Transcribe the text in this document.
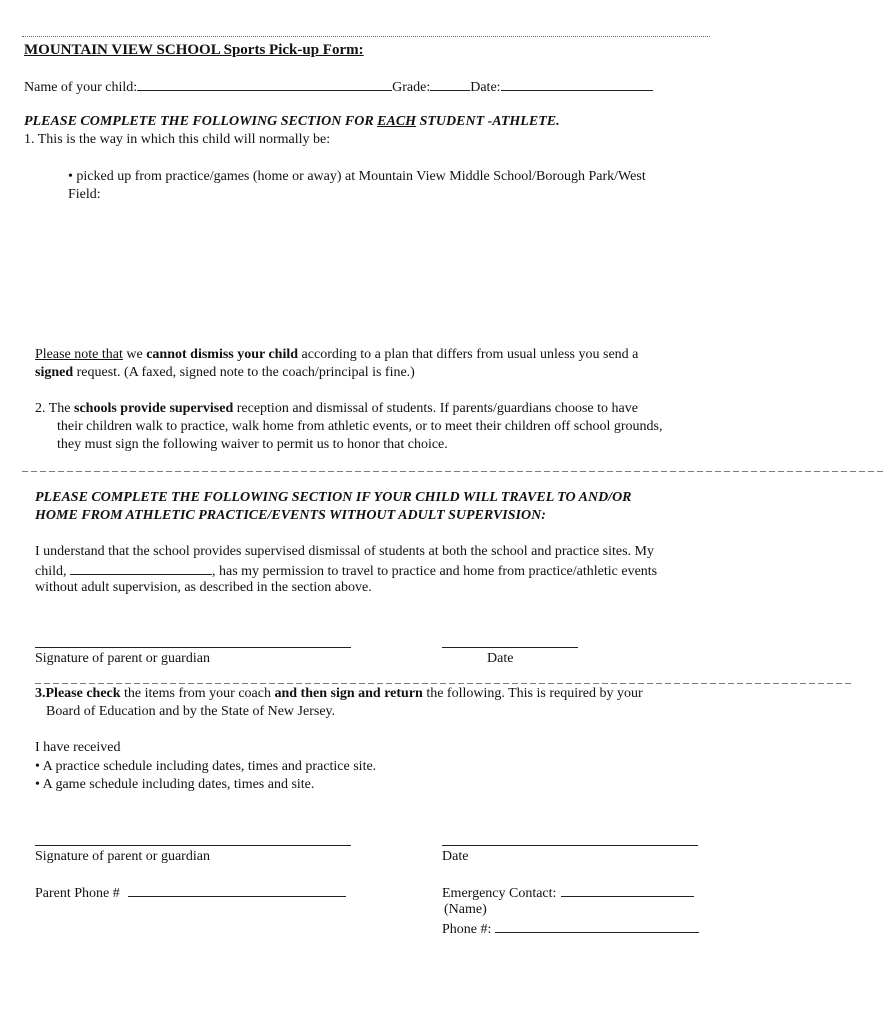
MOUNTAIN VIEW SCHOOL Sports Pick-up Form:
Name of your child:	Grade:	Date:
PLEASE COMPLETE THE FOLLOWING SECTION FOR EACH STUDENT -ATHLETE.
1. This is the way in which this child will normally be:
• picked up from practice/games (home or away) at Mountain View Middle School/Borough Park/West
Field:
Please note that we cannot dismiss your child according to a plan that differs from usual unless you send a
signed request. (A faxed, signed note to the coach/principal is fine.)
2. The schools provide supervised reception and dismissal of students. If parents/guardians choose to have
their children walk to practice, walk home from athletic events, or to meet their children off school grounds,
they must sign the following waiver to permit us to honor that choice.
_ _ _ _ _ _ _ _ _ _ _ _ _ _ _ _ _ _ _ _ _ _ _ _ _ _ _ _ _ _ _ _ _ _ _ _ _ _ _ _ _ _ _ _ _ _ _ _ _ _ _ _ _ _ _ _ _ _ _ _ _ _ _ _ _ _ _ _ _ _ _ _ _ _ _ _ _ _ _ _ _ _ _ _ _ _ _ _ _ _ _ _ _ _ _ _
PLEASE COMPLETE THE FOLLOWING SECTION IF YOUR CHILD WILL TRAVEL TO AND/OR
HOME FROM ATHLETIC PRACTICE/EVENTS WITHOUT ADULT SUPERVISION:
I understand that the school provides supervised dismissal of students at both the school and practice sites. My
child,	, has my permission to travel to practice and home from practice/athletic events
without adult supervision, as described in the section above.
Signature of parent or guardian	Date
_ _ _ _ _ _ _ _ _ _ _ _ _ _ _ _ _ _ _ _ _ _ _ _ _ _ _ _ _ _ _ _ _ _ _ _ _ _ _ _ _ _ _ _ _ _ _ _ _ _ _ _ _ _ _ _ _ _ _ _ _ _ _ _ _ _ _ _ _ _ _ _ _ _ _ _ _ _ _ _ _ _ _ _ _ _ _ _ _ _ _
3.Please check the items from your coach and then sign and return the following. This is required by your
Board of Education and by the State of New Jersey.
I have received
• A practice schedule including dates, times and practice site.
• A game schedule including dates, times and site.
Signature of parent or guardian	Date
Parent Phone #	Emergency Contact:
(Name)
Phone #:
